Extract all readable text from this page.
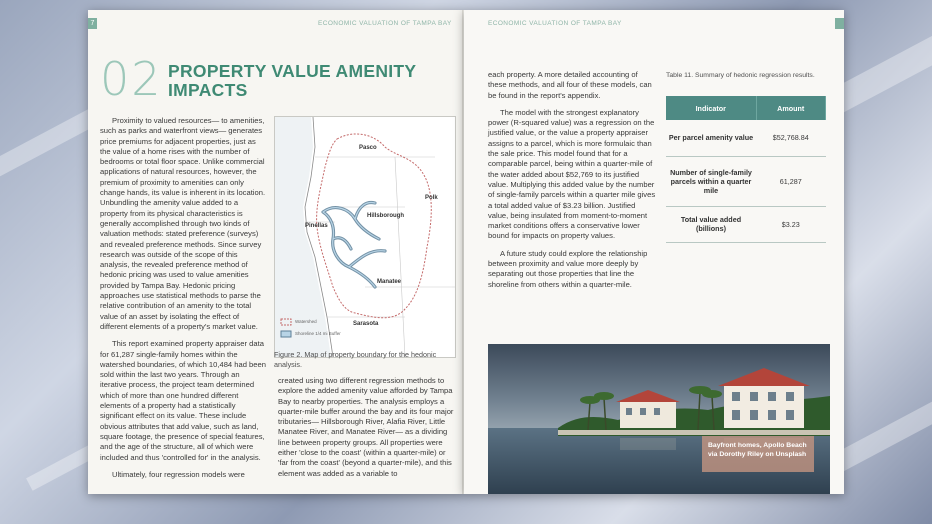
7	ECONOMIC VALUATION OF TAMPA BAY
02 PROPERTY VALUE AMENITY IMPACTS

Proximity to valued resources— to amenities, such as parks and waterfront views— generates price premiums for adjacent properties, just as the value of a home rises with the number of bedrooms or total floor space. Unlike commercial applications of natural resources, however, the premium of proximity to amenities can only change hands, its value is inherent in its location. Unbundling the amenity value added to a property from its physical characteristics is generally accomplished through two kinds of valuation methods: stated preference (surveys) and revealed preference methods. Since survey research was outside of the scope of this analysis, the revealed preference method of hedonic pricing was used to value amenities provided by Tampa Bay. Hedonic pricing approaches use statistical methods to parse the relative contribution of an amenity to the total value of an asset by isolating the effect of different elements of a property's market value.

This report examined property appraiser data for 61,287 single-family homes within the watershed boundaries, of which 10,484 had been sold within the last two years. Through an iterative process, the project team determined which of more than one hundred different elements of a property had a statistically significant effect on its value. These include obvious attributes that add value, such as land, square footage, the presence of special features, and the age of the structure, all of which were included and thus 'controlled for' in the analysis.

Ultimately, four regression models were

Pasco
Hillsborough
Polk
Pinellas
Manatee
Sarasota
Watershed
Shoreline 1/4 mi Buffer
Figure 2. Map of property boundary for the hedonic analysis.

created using two different regression methods to explore the added amenity value afforded by Tampa Bay to nearby properties. The analysis employs a quarter-mile buffer around the bay and its four major tributaries— Hillsborough River, Alafia River, Little Manatee River, and Manatee River— as a dividing line between property groups. All properties were either 'close to the coast' (within a quarter-mile) or 'far from the coast' (beyond a quarter-mile), and this element was added as a variable to

ECONOMIC VALUATION OF TAMPA BAY

each property. A more detailed accounting of these methods, and all four of these models, can be found in the report's appendix.

The model with the strongest explanatory power (R-squared value) was a regression on the justified value, or the value a property appraiser assigns to a parcel, which is more formulaic than the sale price. This model found that for a comparable parcel, being within a quarter-mile of the water added about $52,769 to its justified value. Multiplying this added value by the number of single-family parcels within a quarter mile gives a total added value of $3.23 billion. Justified value, being insulated from moment-to-moment market conditions offers a conservative lower bound for impacts on property values.

A future study could explore the relationship between proximity and value more deeply by separating out those properties that line the shoreline from others within a quarter-mile.

Table 11. Summary of hedonic regression results.
Indicator	Amount
Per parcel amenity value	$52,768.84
Number of single-family parcels within a quarter mile	61,287
Total value added (billions)	$3.23
Bayfront homes, Apollo Beach via Dorothy Riley on Unsplash
